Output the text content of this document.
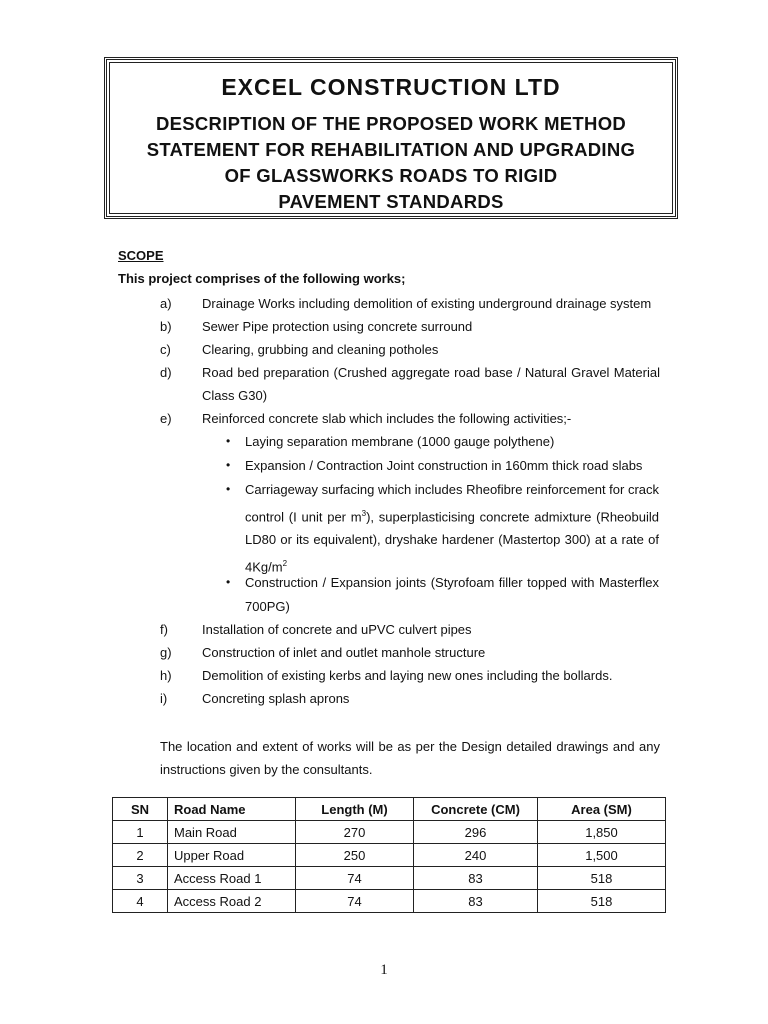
EXCEL CONSTRUCTION LTD
DESCRIPTION OF THE PROPOSED WORK METHOD
STATEMENT FOR REHABILITATION AND UPGRADING
OF GLASSWORKS ROADS TO RIGID
PAVEMENT STANDARDS
SCOPE
This project comprises of the following works;
a) Drainage Works including demolition of existing underground drainage system
b) Sewer Pipe protection using concrete surround
c) Clearing, grubbing and cleaning potholes
d) Road bed preparation (Crushed aggregate road base / Natural Gravel Material Class G30)
e) Reinforced concrete slab which includes the following activities;-
• Laying separation membrane (1000 gauge polythene)
• Expansion / Contraction Joint construction in 160mm thick road slabs
• Carriageway surfacing which includes Rheofibre reinforcement for crack control (I unit per $m^3$), superplasticising concrete admixture (Rheobuild LD80 or its equivalent), dryshake hardener (Mastertop 300) at a rate of $4Kg/m^2$
• Construction / Expansion joints (Styrofoam filler topped with Masterflex 700PG)
f)	Installation of concrete and uPVC culvert pipes
g) Construction of inlet and outlet manhole structure
h) Demolition of existing kerbs and laying new ones including the bollards.
i)	Concreting splash aprons
The location and extent of works will be as per the Design detailed drawings and any instructions given by the consultants.
SN	Road Name	Length (M)	Concrete (CM)	Area (SM)
1	Main Road	270	296	1,850
2	Upper Road	250	240	1,500
3	Access Road 1	74	83	518
4	Access Road 2	74	83	518
1
